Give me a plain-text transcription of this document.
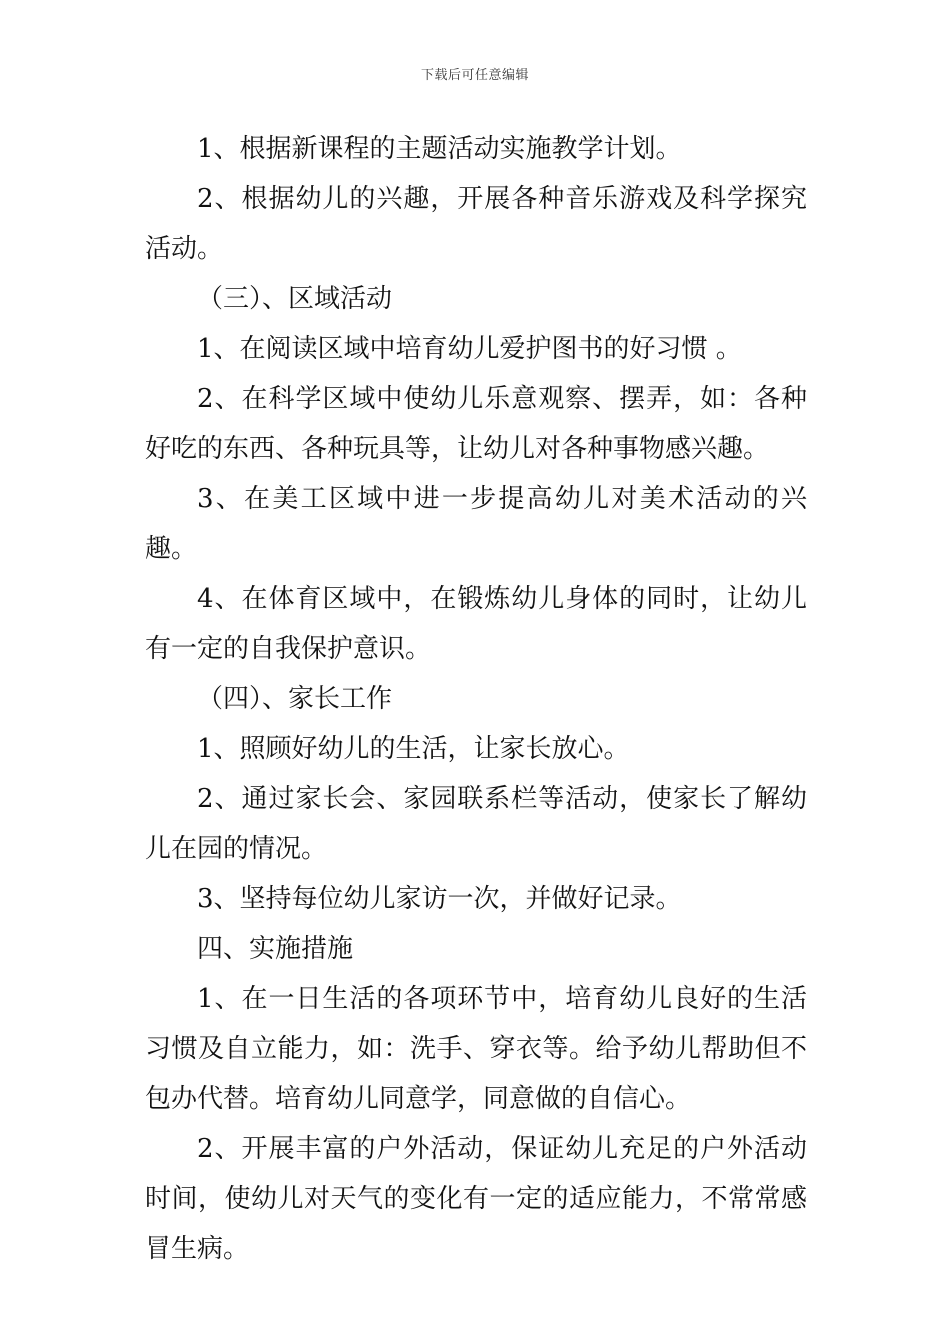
下载后可任意编辑

1、根据新课程的主题活动实施教学计划。

2、根据幼儿的兴趣，开展各种音乐游戏及科学探究活动。

（三）、区域活动

1、在阅读区域中培育幼儿爱护图书的好习惯 。

2、在科学区域中使幼儿乐意观察、摆弄，如：各种好吃的东西、各种玩具等，让幼儿对各种事物感兴趣。

3、在美工区域中进一步提高幼儿对美术活动的兴趣。

4、在体育区域中，在锻炼幼儿身体的同时，让幼儿有一定的自我保护意识。

（四）、家长工作

1、照顾好幼儿的生活，让家长放心。

2、通过家长会、家园联系栏等活动，使家长了解幼儿在园的情况。

3、坚持每位幼儿家访一次，并做好记录。

四、实施措施

1、在一日生活的各项环节中，培育幼儿良好的生活习惯及自立能力，如：洗手、穿衣等。给予幼儿帮助但不包办代替。培育幼儿同意学，同意做的自信心。

2、开展丰富的户外活动，保证幼儿充足的户外活动时间，使幼儿对天气的变化有一定的适应能力，不常常感冒生病。
